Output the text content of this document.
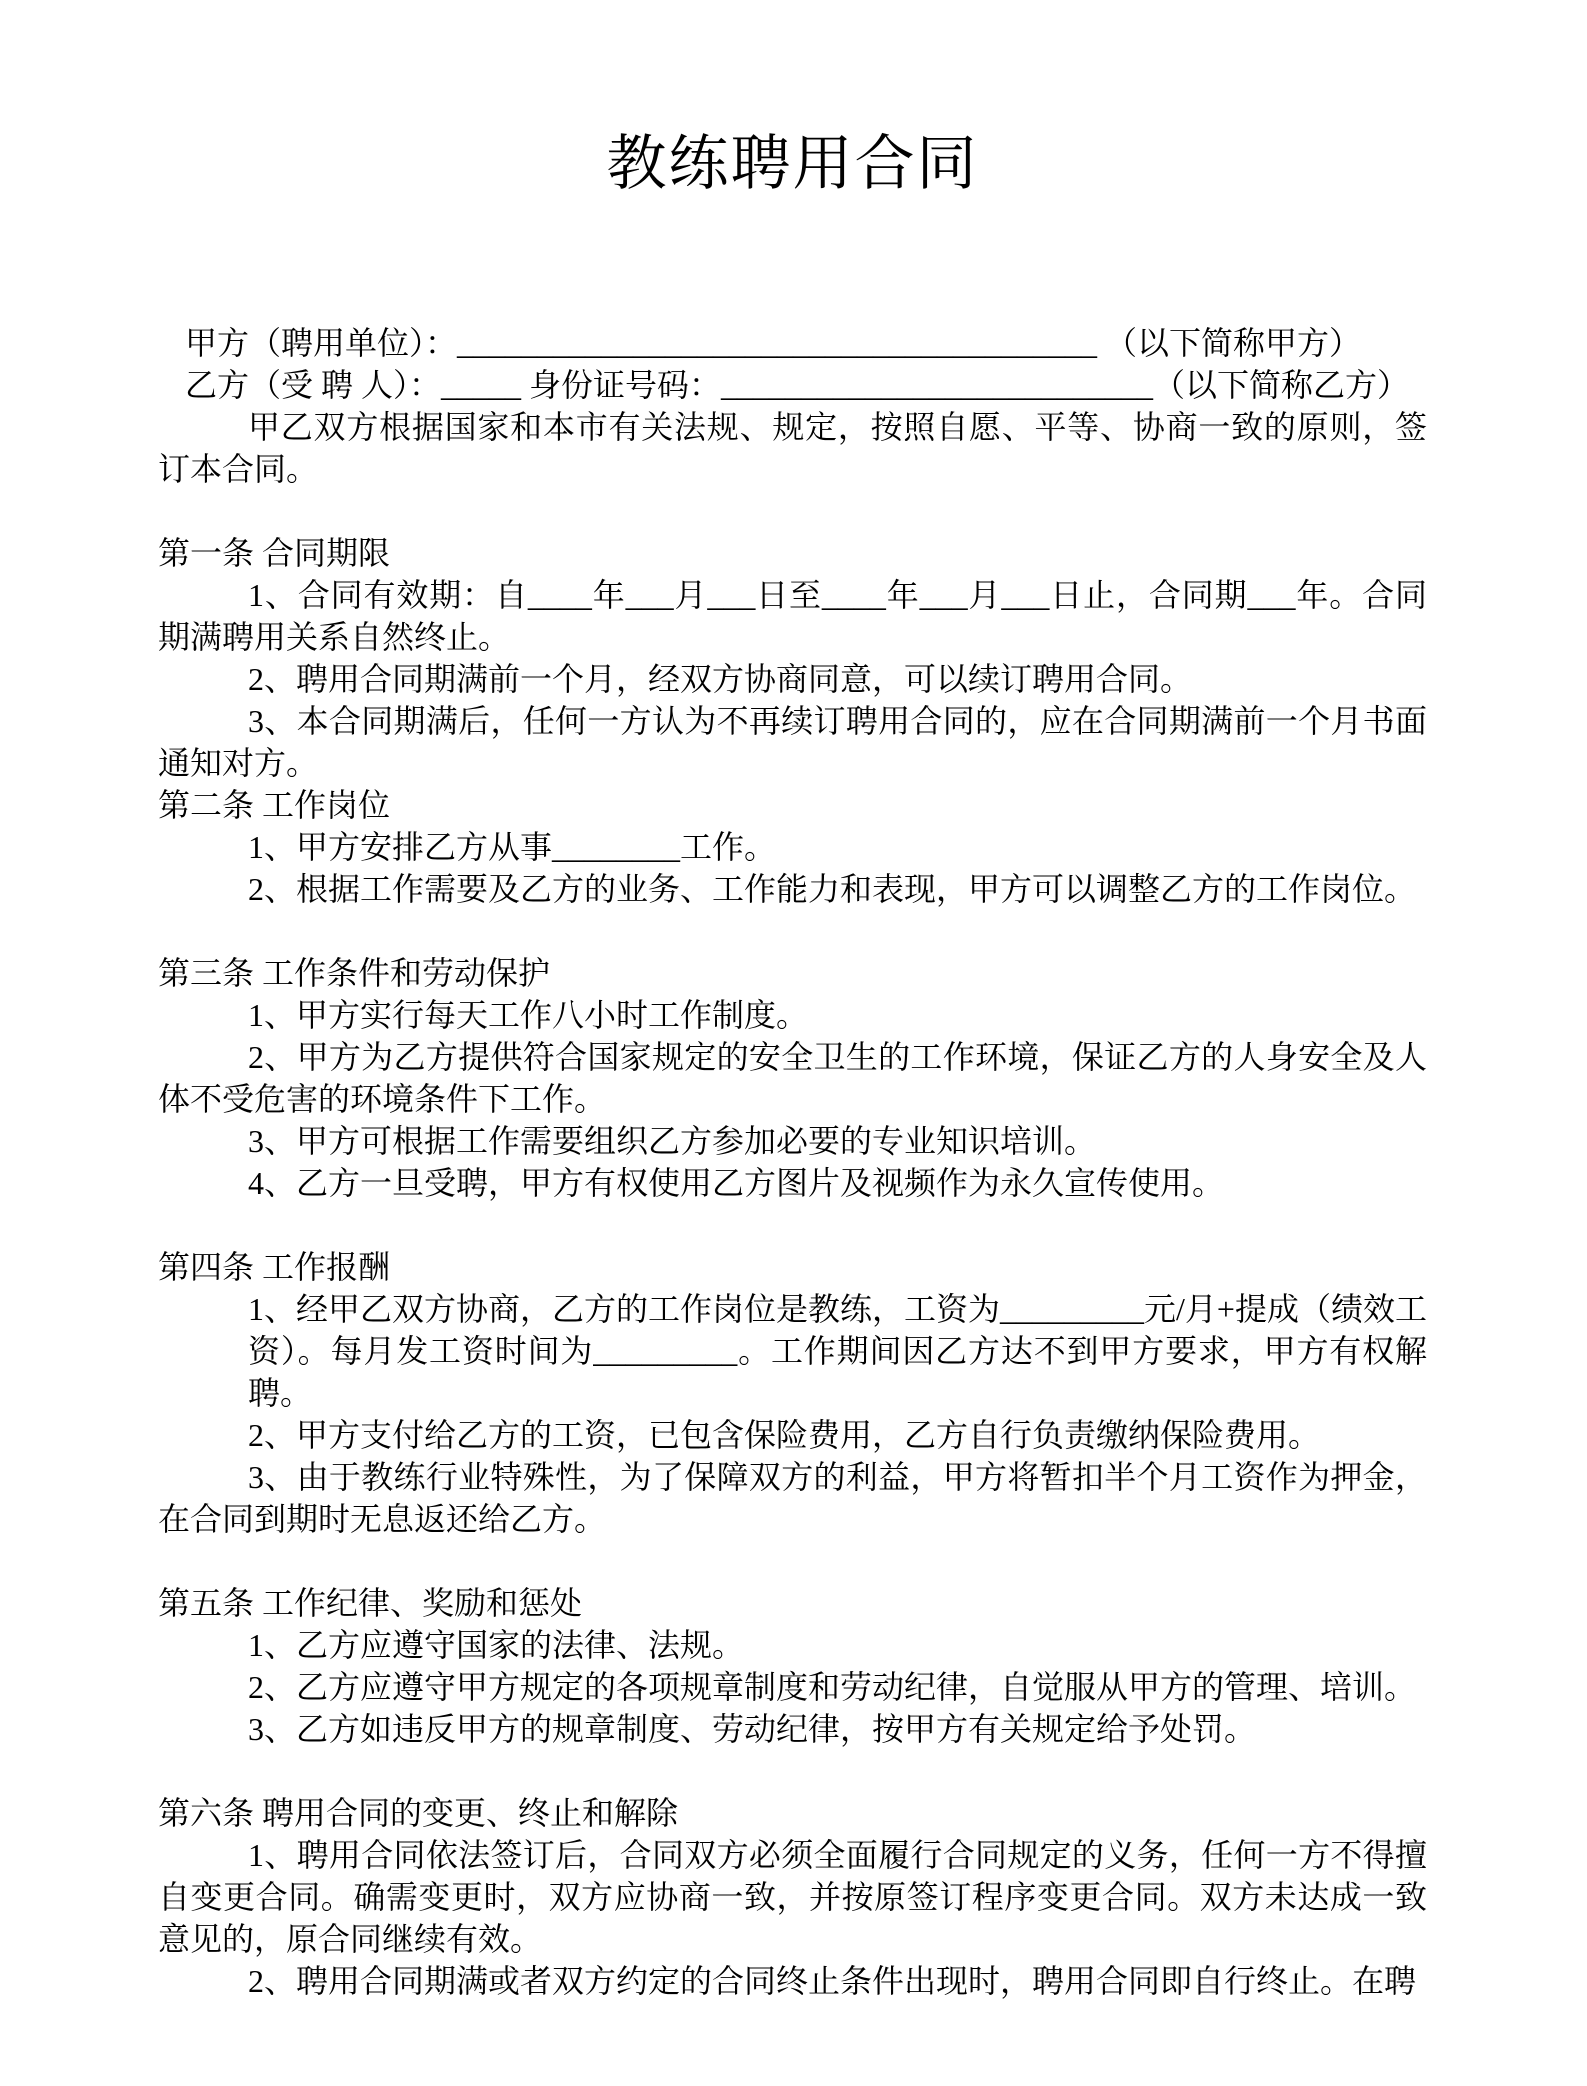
教练聘用合同

甲方（聘用单位）：________________________________________ （以下简称甲方）

乙方（受 聘 人）：_____ 身份证号码：___________________________（以下简称乙方）

甲乙双方根据国家和本市有关法规、规定，按照自愿、平等、协商一致的原则，签订本合同。

第一条 合同期限

1、合同有效期：自____年___月___日至____年___月___日止，合同期___年。合同期满聘用关系自然终止。

2、聘用合同期满前一个月，经双方协商同意，可以续订聘用合同。

3、本合同期满后，任何一方认为不再续订聘用合同的，应在合同期满前一个月书面通知对方。

第二条 工作岗位

1、甲方安排乙方从事________工作。

2、根据工作需要及乙方的业务、工作能力和表现，甲方可以调整乙方的工作岗位。

第三条 工作条件和劳动保护

1、甲方实行每天工作八小时工作制度。

2、甲方为乙方提供符合国家规定的安全卫生的工作环境，保证乙方的人身安全及人体不受危害的环境条件下工作。

3、甲方可根据工作需要组织乙方参加必要的专业知识培训。

4、乙方一旦受聘，甲方有权使用乙方图片及视频作为永久宣传使用。

第四条 工作报酬

1、经甲乙双方协商，乙方的工作岗位是教练，工资为_________元/月+提成（绩效工资）。每月发工资时间为_________。工作期间因乙方达不到甲方要求，甲方有权解聘。

2、甲方支付给乙方的工资，已包含保险费用，乙方自行负责缴纳保险费用。

3、由于教练行业特殊性，为了保障双方的利益，甲方将暂扣半个月工资作为押金，在合同到期时无息返还给乙方。

第五条 工作纪律、奖励和惩处

1、乙方应遵守国家的法律、法规。

2、乙方应遵守甲方规定的各项规章制度和劳动纪律，自觉服从甲方的管理、培训。

3、乙方如违反甲方的规章制度、劳动纪律，按甲方有关规定给予处罚。

第六条 聘用合同的变更、终止和解除

1、聘用合同依法签订后，合同双方必须全面履行合同规定的义务，任何一方不得擅自变更合同。确需变更时，双方应协商一致，并按原签订程序变更合同。双方未达成一致意见的，原合同继续有效。

2、聘用合同期满或者双方约定的合同终止条件出现时，聘用合同即自行终止。在聘
